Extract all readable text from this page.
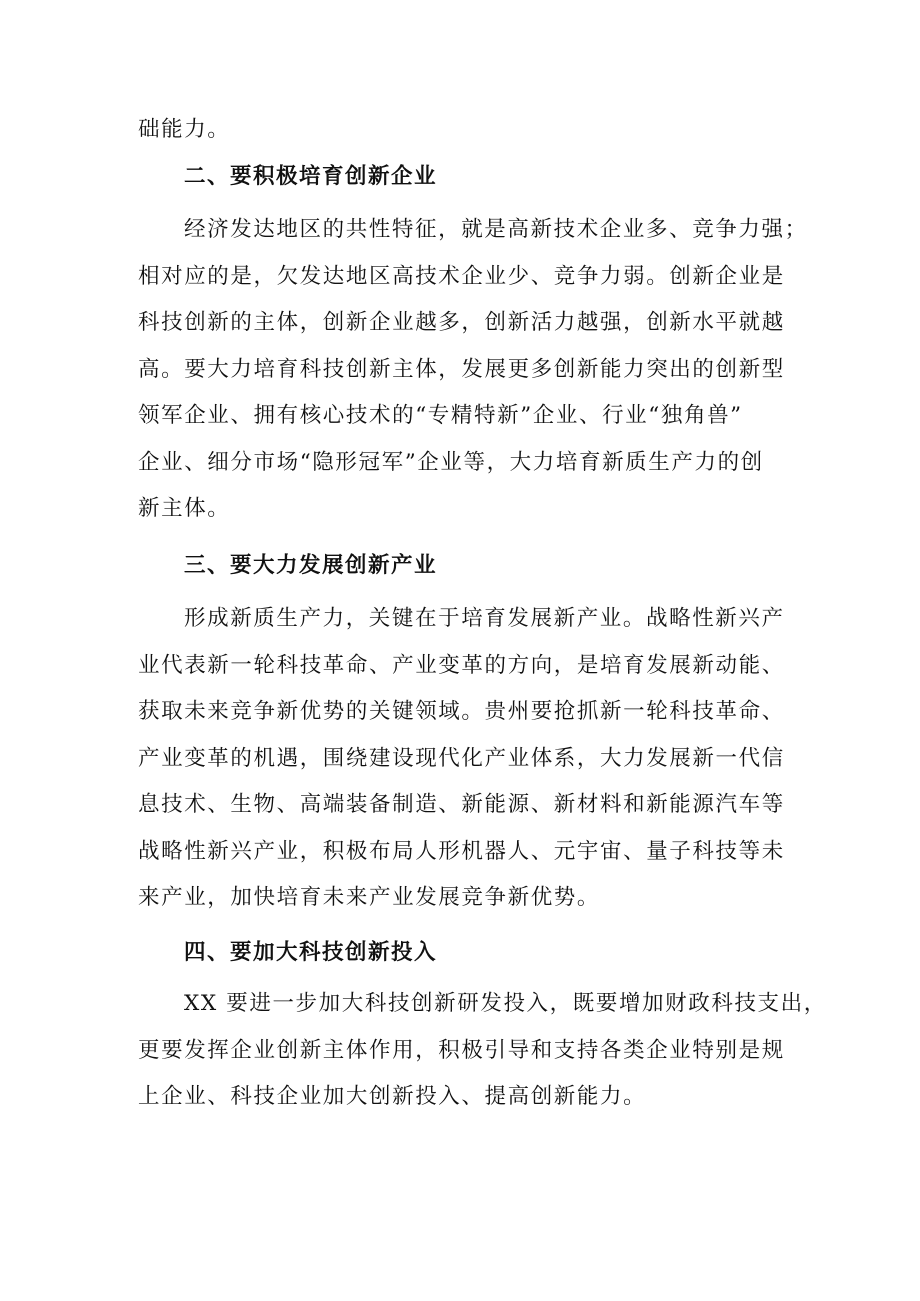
础能力。
二、要积极培育创新企业
经济发达地区的共性特征，就是高新技术企业多、竞争力强；
相对应的是，欠发达地区高技术企业少、竞争力弱。创新企业是
科技创新的主体，创新企业越多，创新活力越强，创新水平就越
高。要大力培育科技创新主体，发展更多创新能力突出的创新型
领军企业、拥有核心技术的“专精特新”企业、行业“独角兽”
企业、细分市场“隐形冠军”企业等，大力培育新质生产力的创
新主体。
三、要大力发展创新产业
形成新质生产力，关键在于培育发展新产业。战略性新兴产
业代表新一轮科技革命、产业变革的方向，是培育发展新动能、
获取未来竞争新优势的关键领域。贵州要抢抓新一轮科技革命、
产业变革的机遇，围绕建设现代化产业体系，大力发展新一代信
息技术、生物、高端装备制造、新能源、新材料和新能源汽车等
战略性新兴产业，积极布局人形机器人、元宇宙、量子科技等未
来产业，加快培育未来产业发展竞争新优势。
四、要加大科技创新投入
XX 要进一步加大科技创新研发投入，既要增加财政科技支出，
更要发挥企业创新主体作用，积极引导和支持各类企业特别是规
上企业、科技企业加大创新投入、提高创新能力。
